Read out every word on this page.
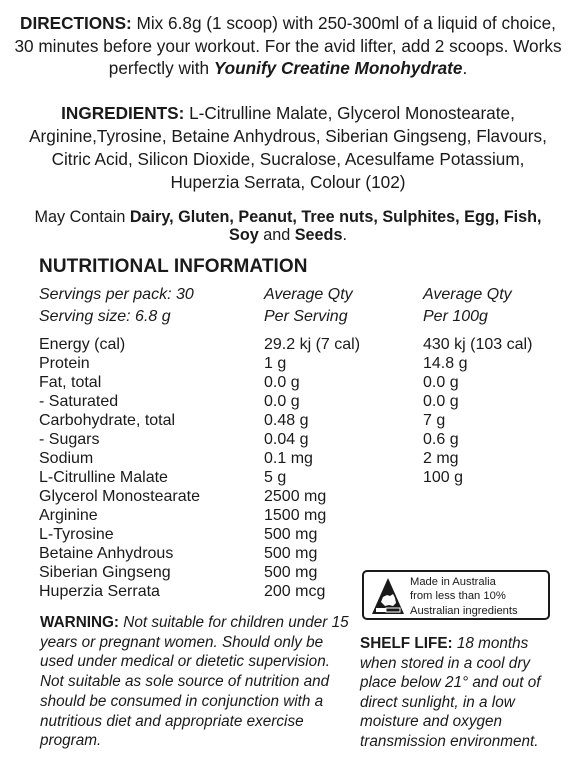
DIRECTIONS: Mix 6.8g (1 scoop) with 250-300ml of a liquid of choice, 30 minutes before your workout. For the avid lifter, add 2 scoops. Works perfectly with Younify Creatine Monohydrate.
INGREDIENTS: L-Citrulline Malate, Glycerol Monostearate, Arginine,Tyrosine, Betaine Anhydrous, Siberian Gingseng, Flavours, Citric Acid, Silicon Dioxide, Sucralose, Acesulfame Potassium, Huperzia Serrata, Colour (102)
May Contain Dairy, Gluten, Peanut, Tree nuts, Sulphites, Egg, Fish, Soy and Seeds.
NUTRITIONAL INFORMATION
Servings per pack: 30
Serving size: 6.8 g
Average Qty
Per Serving
Average Qty
Per 100g
Energy (cal)
Protein
Fat, total
- Saturated
Carbohydrate, total
- Sugars
Sodium
L-Citrulline Malate
Glycerol Monostearate
Arginine
L-Tyrosine
Betaine Anhydrous
Siberian Gingseng
Huperzia Serrata
29.2 kj (7 cal)
1 g
0.0 g
0.0 g
0.48 g
0.04 g
0.1 mg
5 g
2500 mg
1500 mg
500 mg
500 mg
500 mg
200 mcg
430 kj (103 cal)
14.8 g
0.0 g
0.0 g
7 g
0.6 g
2 mg
100 g

Made in Australia
from less than 10%
Australian ingredients
WARNING: Not suitable for children under 15 years or pregnant women. Should only be used under medical or dietetic supervision. Not suitable as sole source of nutrition and should be consumed in conjunction with a nutritious diet and appropriate exercise program.
SHELF LIFE: 18 months when stored in a cool dry place below 21° and out of direct sunlight, in a low moisture and oxygen transmission environment.
